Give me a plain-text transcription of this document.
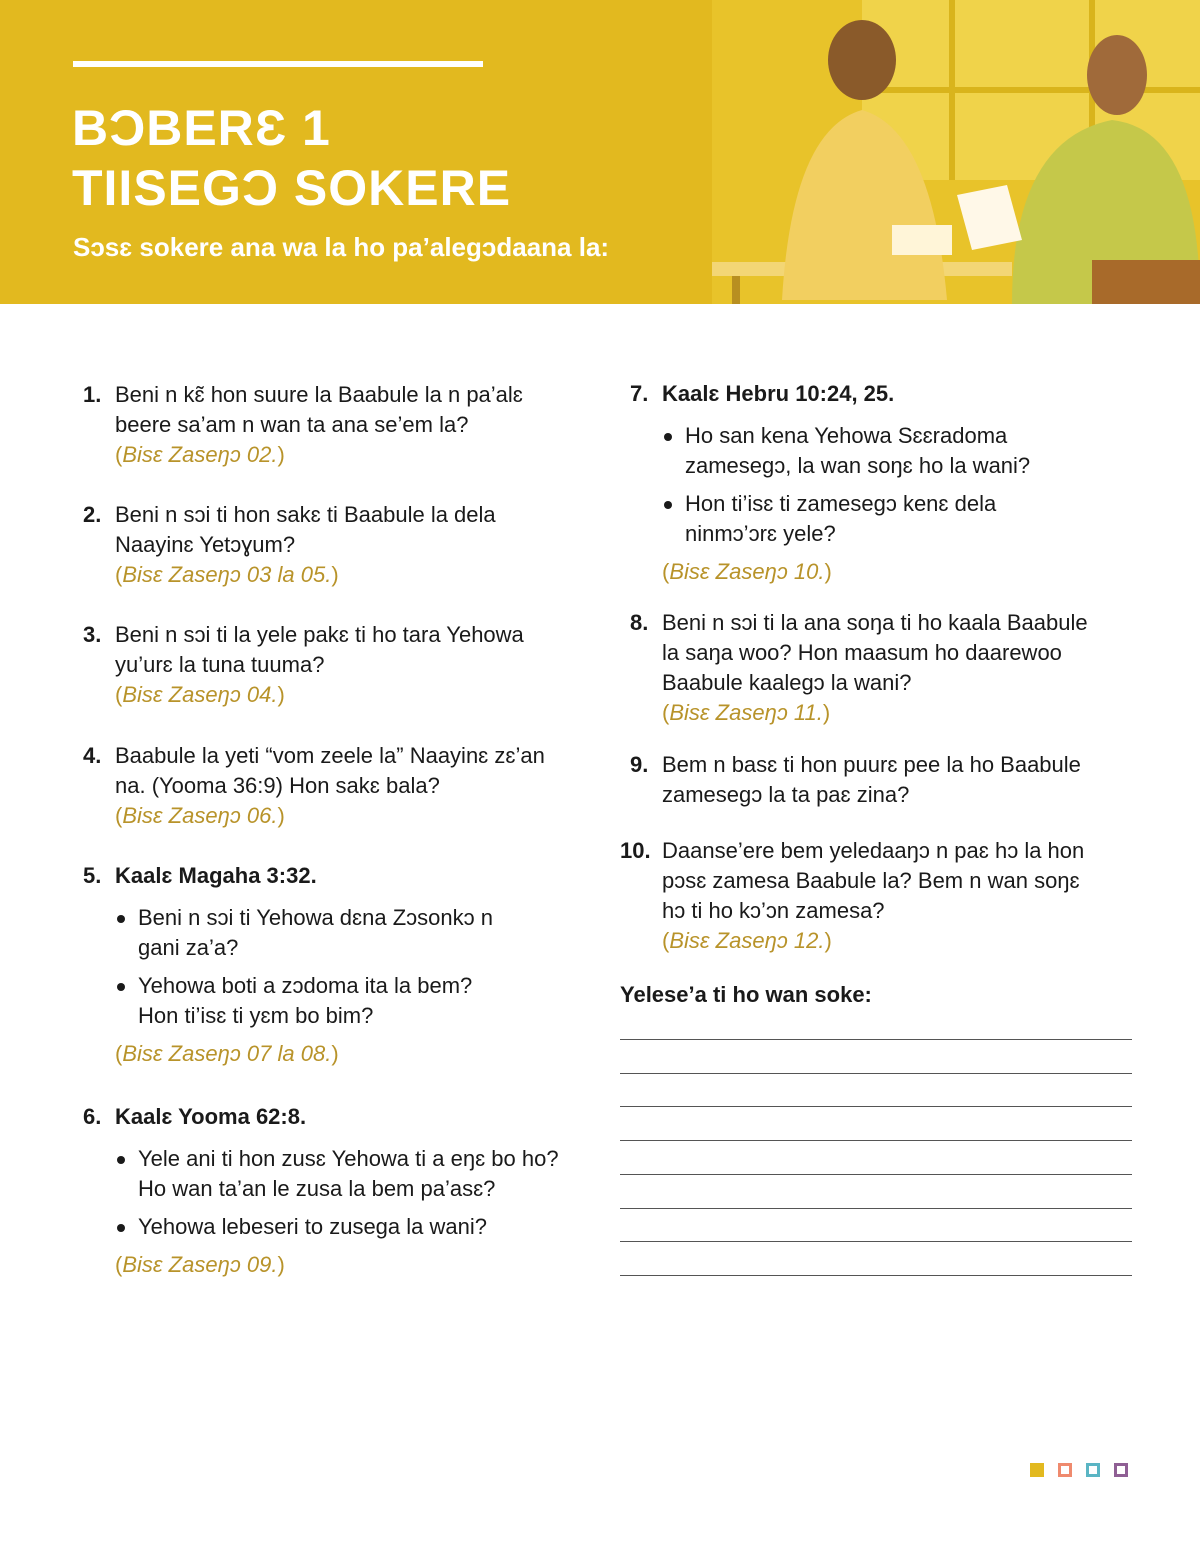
BƆBERƐ 1
TIISEGƆ SOKERE
Sɔsɛ sokere ana wa la ho pa’alegɔdaana la:
1. Beni n kɛ̃ hon suure la Baabule la n pa’alɛ
beere sa’am n wan ta ana se’em la?
(Bisɛ Zaseŋɔ 02.)
2. Beni n sɔi ti hon sakɛ ti Baabule la dela
Naayinɛ Yetɔɣum?
(Bisɛ Zaseŋɔ 03 la 05.)
3. Beni n sɔi ti la yele pakɛ ti ho tara Yehowa
yu’urɛ la tuna tuuma?
(Bisɛ Zaseŋɔ 04.)
4. Baabule la yeti “vom zeele la” Naayinɛ zɛ’an
na. (Yooma 36:9) Hon sakɛ bala?
(Bisɛ Zaseŋɔ 06.)
5. Kaalɛ Magaha 3:32.
Beni n sɔi ti Yehowa dɛna Zɔsonkɔ n
gani za’a?
Yehowa boti a zɔdoma ita la bem?
Hon ti’isɛ ti yɛm bo bim?
(Bisɛ Zaseŋɔ 07 la 08.)
6. Kaalɛ Yooma 62:8.
Yele ani ti hon zusɛ Yehowa ti a eŋɛ bo ho?
Ho wan ta’an le zusa la bem pa’asɛ?
Yehowa lebeseri to zusega la wani?
(Bisɛ Zaseŋɔ 09.)
7. Kaalɛ Hebru 10:24, 25.
Ho san kena Yehowa Sɛɛradoma
zamesegɔ, la wan soŋɛ ho la wani?
Hon ti’isɛ ti zamesegɔ kenɛ dela
ninmɔ’ɔrɛ yele?
(Bisɛ Zaseŋɔ 10.)
8. Beni n sɔi ti la ana soŋa ti ho kaala Baabule
la saŋa woo? Hon maasum ho daarewoo
Baabule kaalegɔ la wani?
(Bisɛ Zaseŋɔ 11.)
9. Bem n basɛ ti hon puurɛ pee la ho Baabule
zamesegɔ la ta paɛ zina?
10. Daanse’ere bem yeledaaŋɔ n paɛ hɔ la hon
pɔsɛ zamesa Baabule la? Bem n wan soŋɛ
hɔ ti ho kɔ’ɔn zamesa?
(Bisɛ Zaseŋɔ 12.)
Yelese’a ti ho wan soke:
